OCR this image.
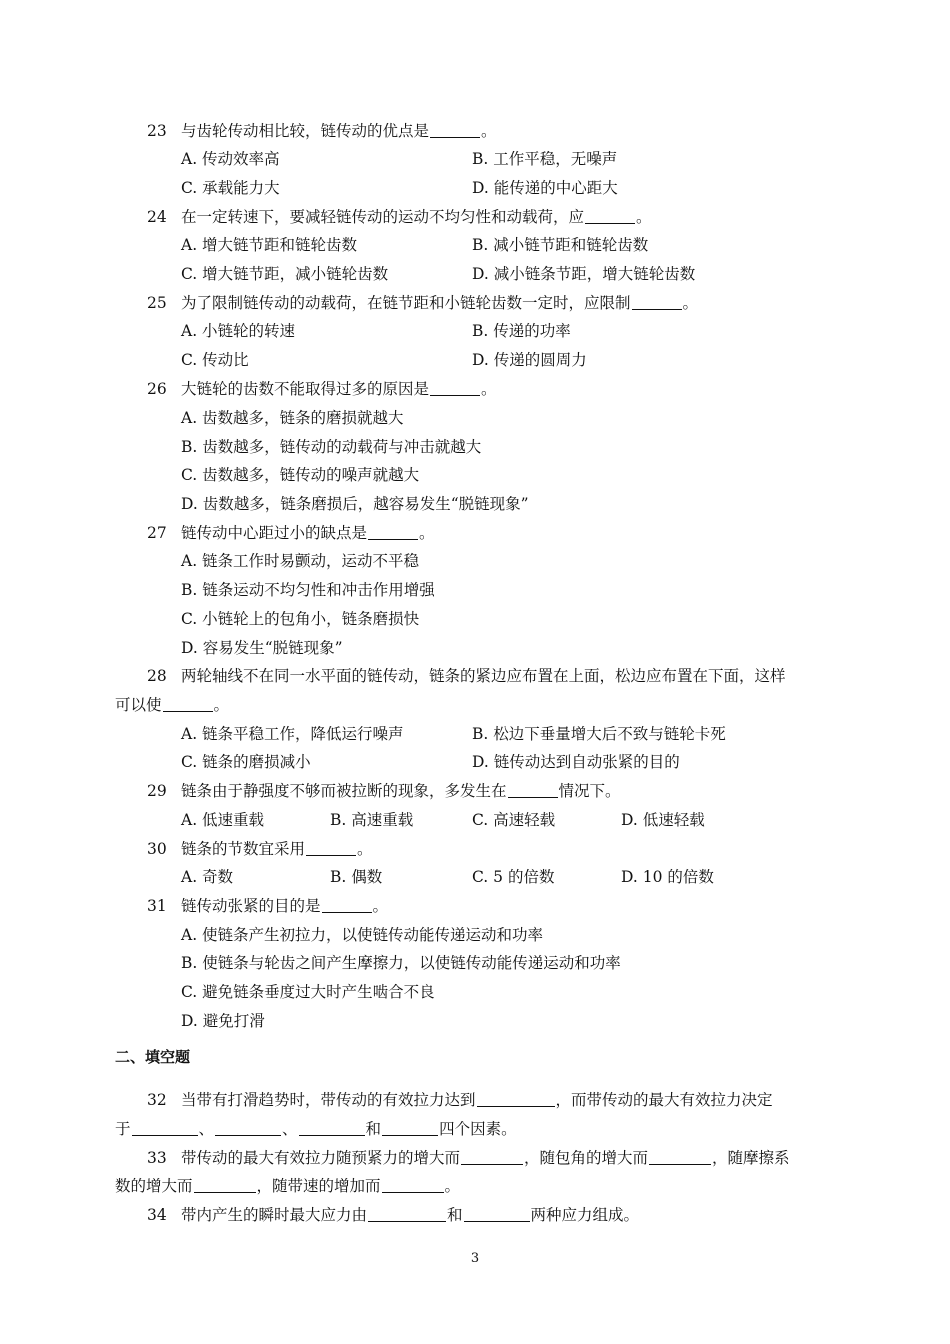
23 与齿轮传动相比较，链传动的优点是	。
A. 传动效率高	B. 工作平稳，无噪声
C. 承载能力大	D. 能传递的中心距大
24 在一定转速下，要减轻链传动的运动不均匀性和动载荷，应	。
A. 增大链节距和链轮齿数	B. 减小链节距和链轮齿数
C. 增大链节距，减小链轮齿数	D. 减小链条节距，增大链轮齿数
25 为了限制链传动的动载荷，在链节距和小链轮齿数一定时，应限制	。
A. 小链轮的转速	B. 传递的功率
C. 传动比	D. 传递的圆周力
26 大链轮的齿数不能取得过多的原因是	。
A. 齿数越多，链条的磨损就越大
B. 齿数越多，链传动的动载荷与冲击就越大
C. 齿数越多，链传动的噪声就越大
D. 齿数越多，链条磨损后，越容易发生“脱链现象”
27 链传动中心距过小的缺点是	。
A. 链条工作时易颤动，运动不平稳
B. 链条运动不均匀性和冲击作用增强
C. 小链轮上的包角小，链条磨损快
D. 容易发生“脱链现象”
28 两轮轴线不在同一水平面的链传动，链条的紧边应布置在上面，松边应布置在下面，这样
可以使	。
A. 链条平稳工作，降低运行噪声	B. 松边下垂量增大后不致与链轮卡死
C. 链条的磨损减小	D. 链传动达到自动张紧的目的
29 链条由于静强度不够而被拉断的现象，多发生在	情况下。
A. 低速重载	B. 高速重载	C. 高速轻载	D. 低速轻载
30 链条的节数宜采用	。
A. 奇数	B. 偶数	C. 5 的倍数	D. 10 的倍数
31 链传动张紧的目的是	。
A. 使链条产生初拉力，以使链传动能传递运动和功率
B. 使链条与轮齿之间产生摩擦力，以使链传动能传递运动和功率
C. 避免链条垂度过大时产生啮合不良
D. 避免打滑
二、填空题
32 当带有打滑趋势时，带传动的有效拉力达到	，而带传动的最大有效拉力决定
于	、	、	和	四个因素。
33 带传动的最大有效拉力随预紧力的增大而	，随包角的增大而	，随摩擦系
数的增大而	，随带速的增加而	。
34 带内产生的瞬时最大应力由	和	两种应力组成。
3
